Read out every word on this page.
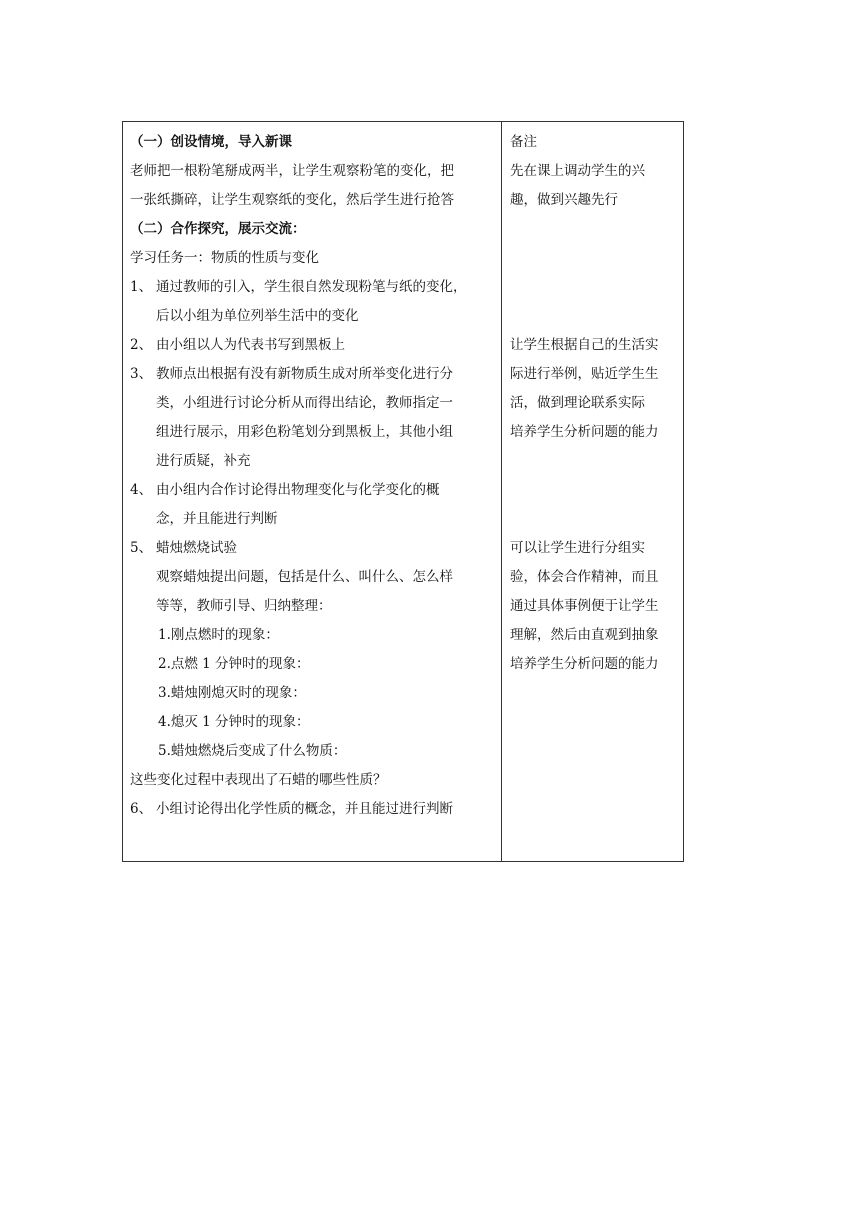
（一）创设情境，导入新课
老师把一根粉笔掰成两半，让学生观察粉笔的变化，把
一张纸撕碎，让学生观察纸的变化，然后学生进行抢答
（二）合作探究，展示交流：
学习任务一：物质的性质与变化
1、 通过教师的引入，学生很自然发现粉笔与纸的变化，
后以小组为单位列举生活中的变化
2、 由小组以人为代表书写到黑板上
3、 教师点出根据有没有新物质生成对所举变化进行分
类，小组进行讨论分析从而得出结论，教师指定一
组进行展示，用彩色粉笔划分到黑板上，其他小组
进行质疑，补充
4、 由小组内合作讨论得出物理变化与化学变化的概
念，并且能进行判断
5、 蜡烛燃烧试验
观察蜡烛提出问题，包括是什么、叫什么、怎么样
等等，教师引导、归纳整理：
1.刚点燃时的现象：
2.点燃 1 分钟时的现象：
3.蜡烛刚熄灭时的现象：
4.熄灭 1 分钟时的现象：
5.蜡烛燃烧后变成了什么物质：
这些变化过程中表现出了石蜡的哪些性质？
6、 小组讨论得出化学性质的概念，并且能过进行判断
备注
先在课上调动学生的兴
趣，做到兴趣先行
让学生根据自己的生活实
际进行举例，贴近学生生
活，做到理论联系实际
培养学生分析问题的能力
可以让学生进行分组实
验，体会合作精神，而且
通过具体事例便于让学生
理解，然后由直观到抽象
培养学生分析问题的能力
